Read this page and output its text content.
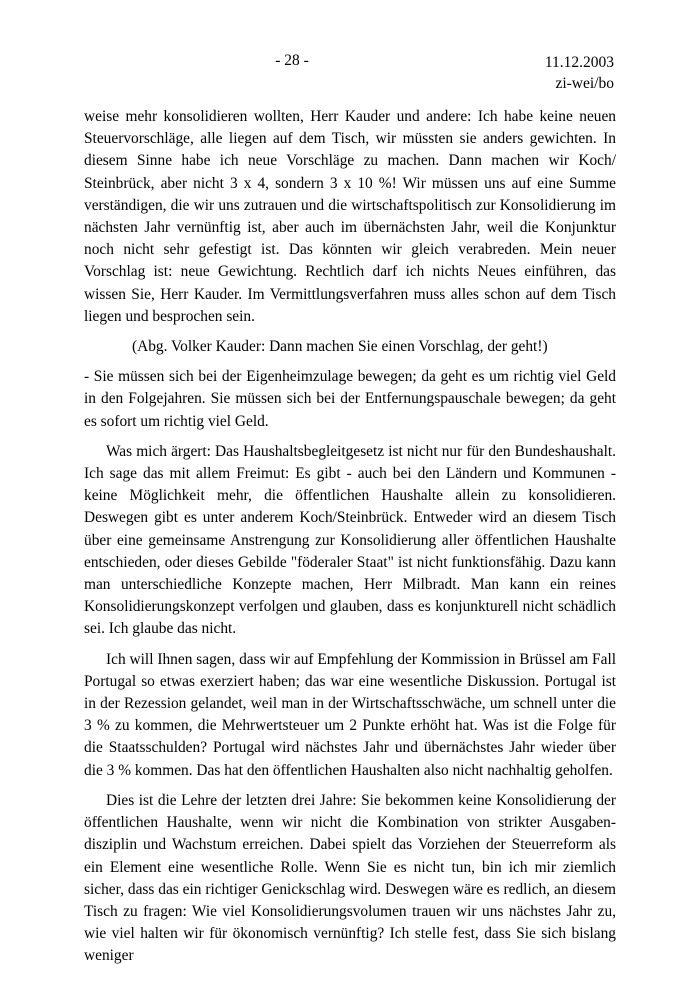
- 28 -	11.12.2003
zi-wei/bo

weise mehr konsolidieren wollten, Herr Kauder und andere: Ich habe keine neuen Steuervorschläge, alle liegen auf dem Tisch, wir müssten sie anders gewichten. In diesem Sinne habe ich neue Vorschläge zu machen. Dann machen wir Koch/ Steinbrück, aber nicht 3 x 4, sondern 3 x 10 %! Wir müssen uns auf eine Summe verständigen, die wir uns zutrauen und die wirtschaftspolitisch zur Konsolidierung im nächsten Jahr vernünftig ist, aber auch im übernächsten Jahr, weil die Konjunktur noch nicht sehr gefestigt ist. Das könnten wir gleich verabreden. Mein neuer Vorschlag ist: neue Gewichtung. Rechtlich darf ich nichts Neues einführen, das wissen Sie, Herr Kauder. Im Vermittlungsverfahren muss alles schon auf dem Tisch liegen und besprochen sein.

(Abg. Volker Kauder: Dann machen Sie einen Vorschlag, der geht!)

- Sie müssen sich bei der Eigenheimzulage bewegen; da geht es um richtig viel Geld in den Folgejahren. Sie müssen sich bei der Entfernungspauschale bewegen; da geht es sofort um richtig viel Geld.

Was mich ärgert: Das Haushaltsbegleitgesetz ist nicht nur für den Bundeshaushalt. Ich sage das mit allem Freimut: Es gibt - auch bei den Ländern und Kommunen - keine Möglichkeit mehr, die öffentlichen Haushalte allein zu konsolidieren. Deswegen gibt es unter anderem Koch/Steinbrück. Entweder wird an diesem Tisch über eine gemeinsame Anstrengung zur Konsolidierung aller öffentlichen Haushalte entschieden, oder dieses Gebilde "föderaler Staat" ist nicht funktionsfähig. Dazu kann man unterschiedliche Konzepte machen, Herr Milbradt. Man kann ein reines Konsolidierungskonzept verfolgen und glauben, dass es konjunkturell nicht schädlich sei. Ich glaube das nicht.

Ich will Ihnen sagen, dass wir auf Empfehlung der Kommission in Brüssel am Fall Portugal so etwas exerziert haben; das war eine wesentliche Diskussion. Portugal ist in der Rezession gelandet, weil man in der Wirtschaftsschwäche, um schnell unter die 3 % zu kommen, die Mehrwertsteuer um 2 Punkte erhöht hat. Was ist die Folge für die Staatsschulden? Portugal wird nächstes Jahr und übernächstes Jahr wieder über die 3 % kommen. Das hat den öffentlichen Haushalten also nicht nachhaltig geholfen.

Dies ist die Lehre der letzten drei Jahre: Sie bekommen keine Konsolidierung der öffentlichen Haushalte, wenn wir nicht die Kombination von strikter Ausgabendisziplin und Wachstum erreichen. Dabei spielt das Vorziehen der Steuerreform als ein Element eine wesentliche Rolle. Wenn Sie es nicht tun, bin ich mir ziemlich sicher, dass das ein richtiger Genickschlag wird. Deswegen wäre es redlich, an diesem Tisch zu fragen: Wie viel Konsolidierungsvolumen trauen wir uns nächstes Jahr zu, wie viel halten wir für ökonomisch vernünftig? Ich stelle fest, dass Sie sich bislang weniger
